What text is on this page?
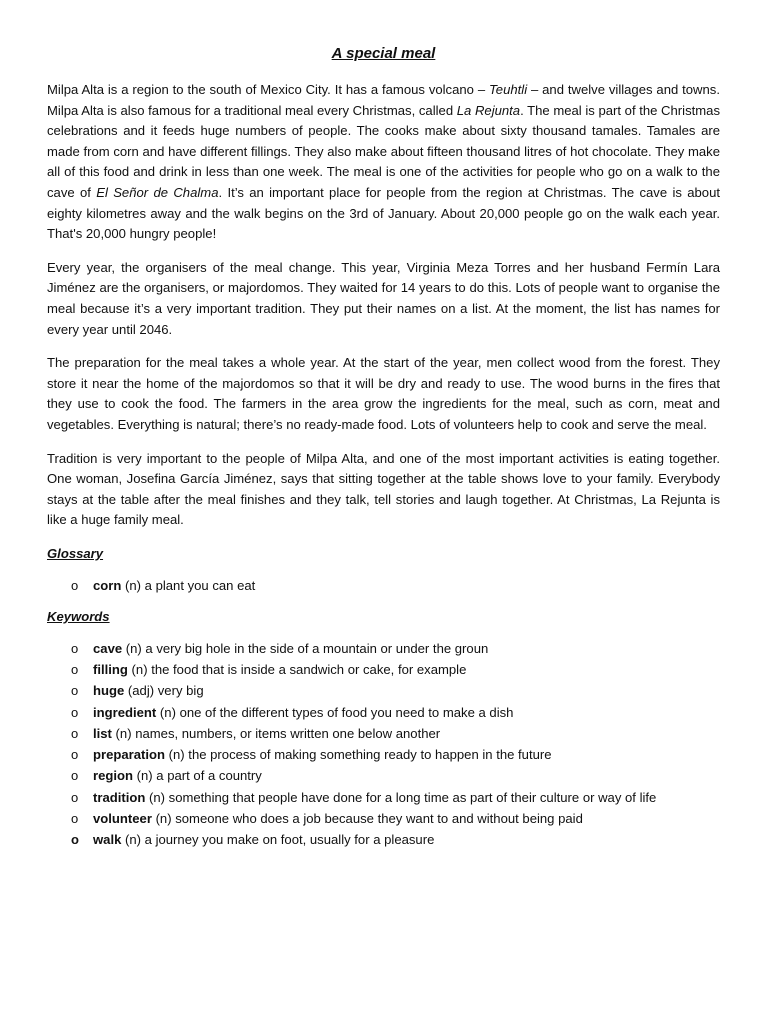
A special meal

Milpa Alta is a region to the south of Mexico City. It has a famous volcano – Teuhtli – and twelve villages and towns. Milpa Alta is also famous for a traditional meal every Christmas, called La Rejunta. The meal is part of the Christmas celebrations and it feeds huge numbers of people. The cooks make about sixty thousand tamales. Tamales are made from corn and have different fillings. They also make about fifteen thousand litres of hot chocolate. They make all of this food and drink in less than one week. The meal is one of the activities for people who go on a walk to the cave of El Señor de Chalma. It’s an important place for people from the region at Christmas. The cave is about eighty kilometres away and the walk begins on the 3rd of January. About 20,000 people go on the walk each year. That's 20,000 hungry people!

Every year, the organisers of the meal change. This year, Virginia Meza Torres and her husband Fermín Lara Jiménez are the organisers, or majordomos. They waited for 14 years to do this. Lots of people want to organise the meal because it’s a very important tradition. They put their names on a list. At the moment, the list has names for every year until 2046.

The preparation for the meal takes a whole year. At the start of the year, men collect wood from the forest. They store it near the home of the majordomos so that it will be dry and ready to use. The wood burns in the fires that they use to cook the food. The farmers in the area grow the ingredients for the meal, such as corn, meat and vegetables. Everything is natural; there’s no ready-made food. Lots of volunteers help to cook and serve the meal.

Tradition is very important to the people of Milpa Alta, and one of the most important activities is eating together. One woman, Josefina García Jiménez, says that sitting together at the table shows love to your family. Everybody stays at the table after the meal finishes and they talk, tell stories and laugh together. At Christmas, La Rejunta is like a huge family meal.

Glossary
o corn (n) a plant you can eat
Keywords
o cave (n) a very big hole in the side of a mountain or under the groun
o filling (n) the food that is inside a sandwich or cake, for example
o huge (adj) very big
o ingredient (n) one of the different types of food you need to make a dish
o list (n) names, numbers, or items written one below another
o preparation (n) the process of making something ready to happen in the future
o region (n) a part of a country
o tradition (n) something that people have done for a long time as part of their culture or way of life
o volunteer (n) someone who does a job because they want to and without being paid
o walk (n) a journey you make on foot, usually for a pleasure
